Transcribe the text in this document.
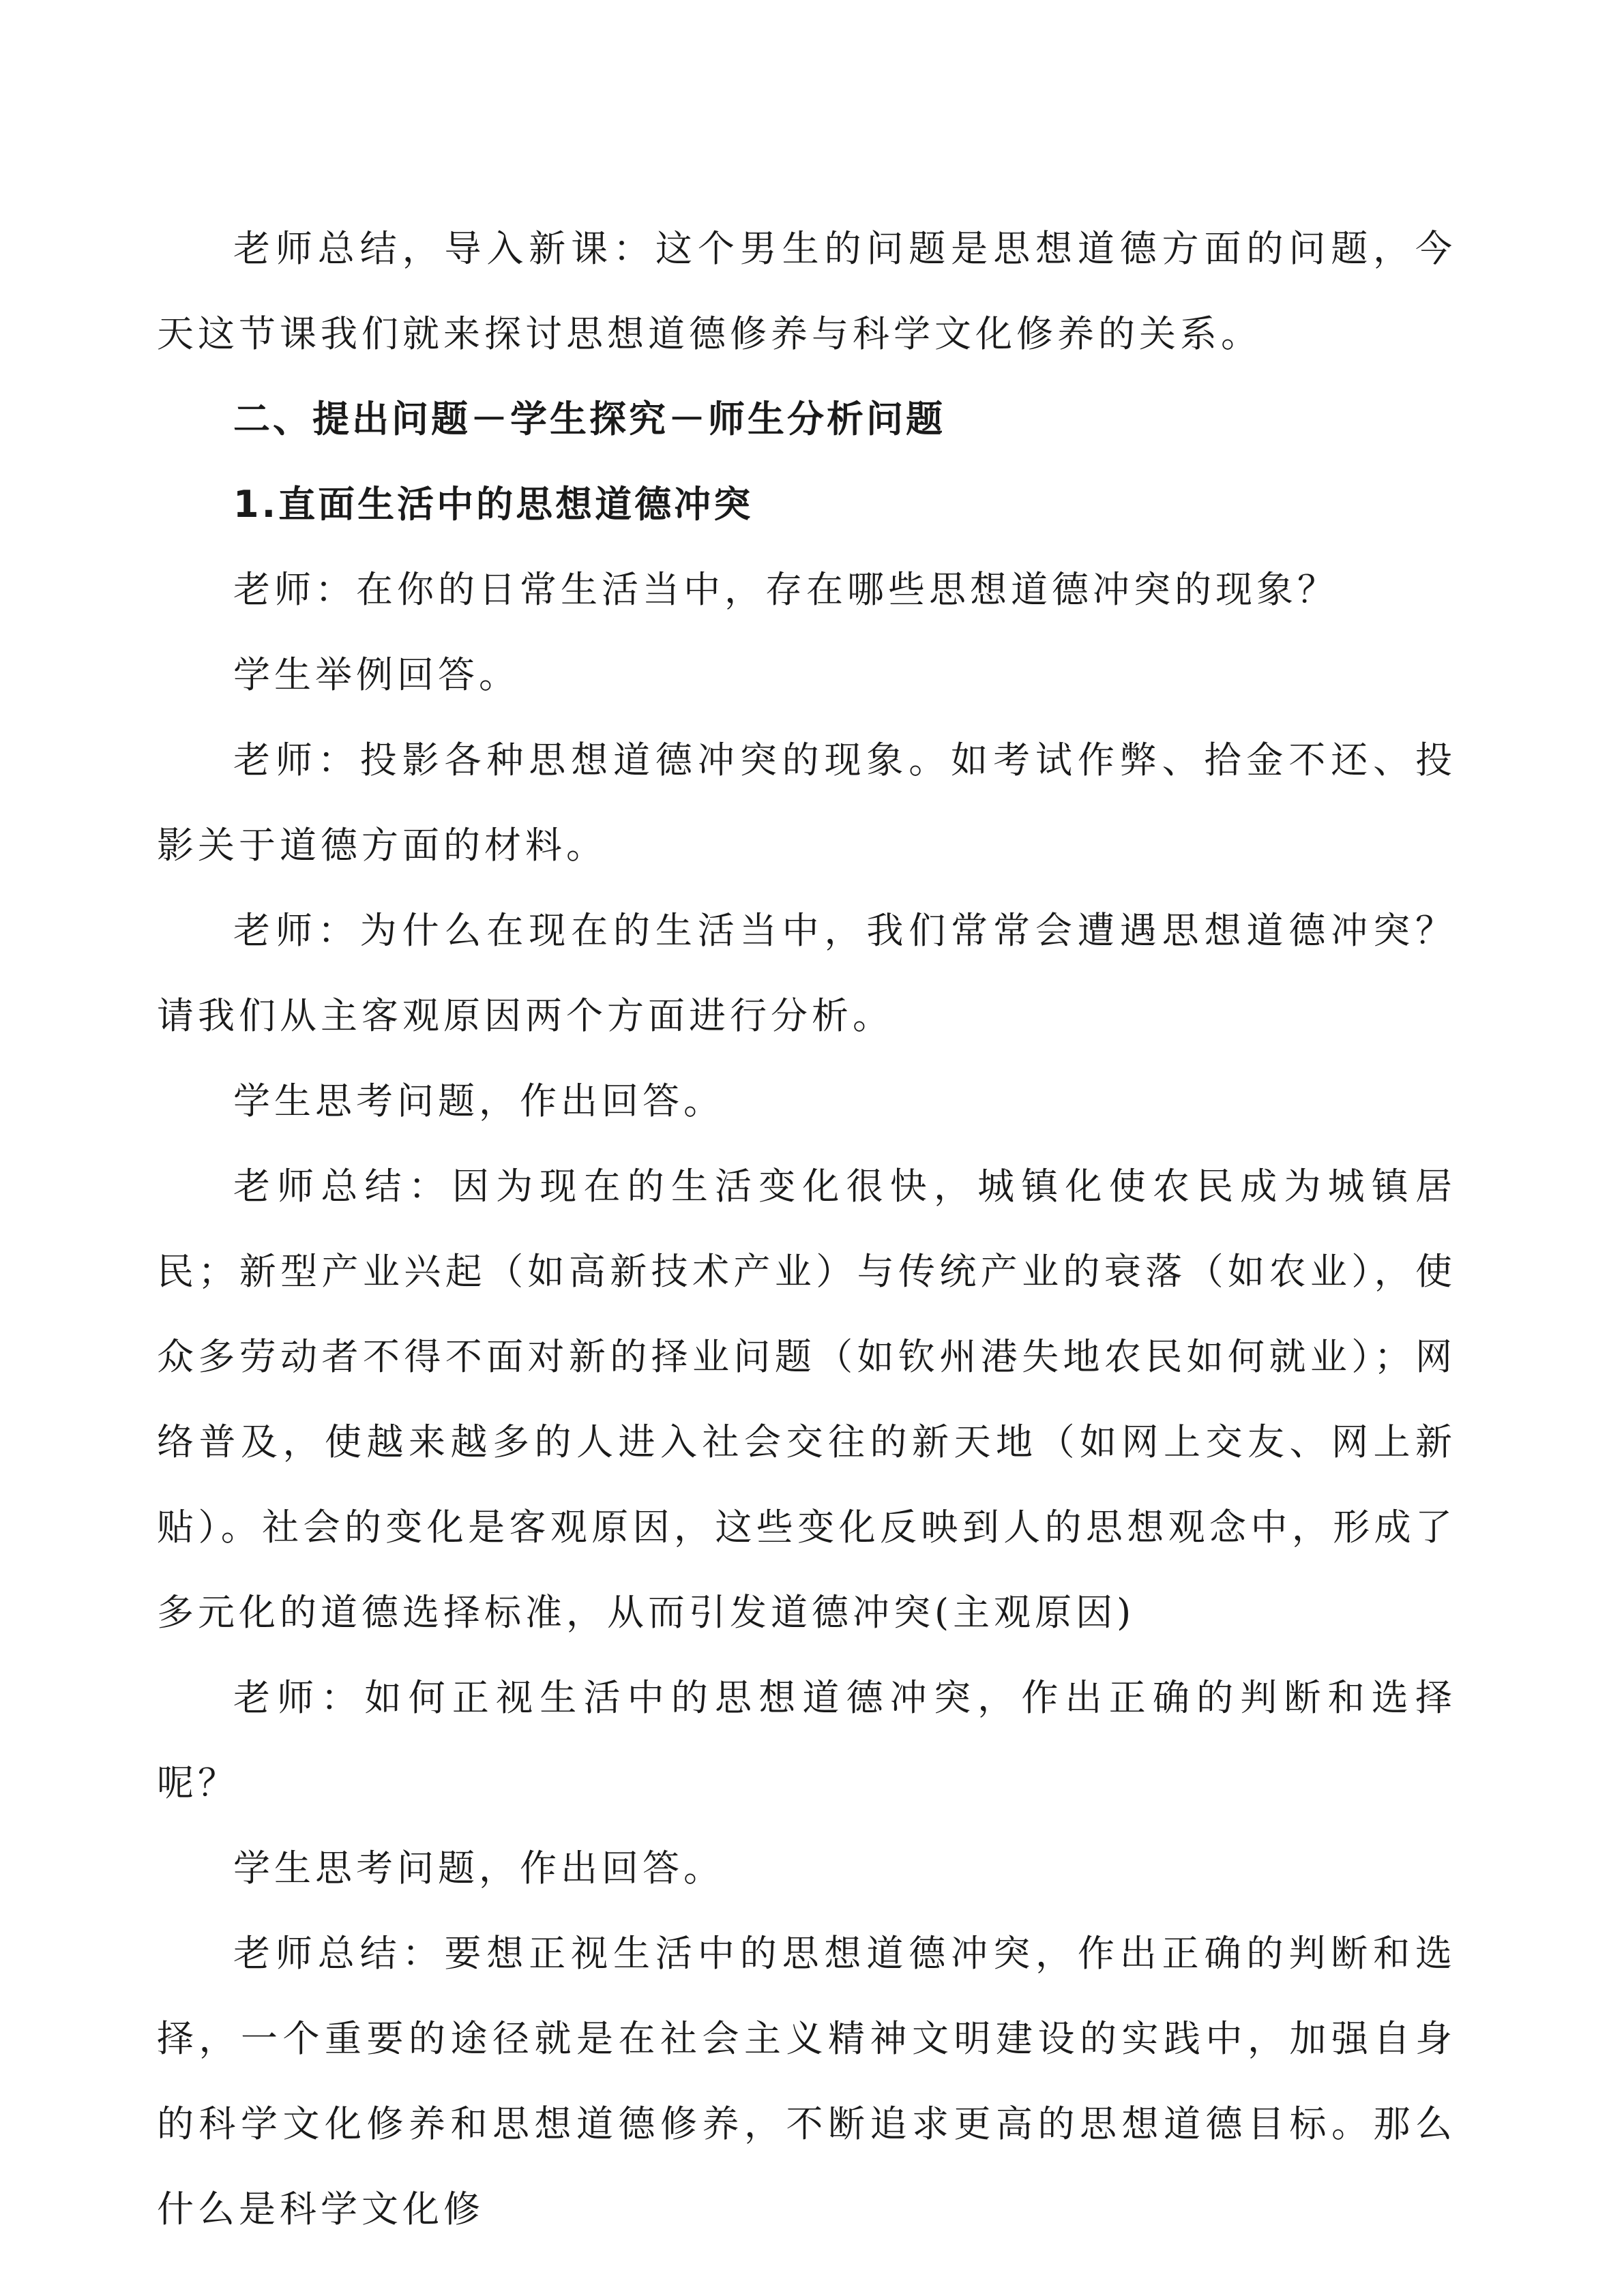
老师总结，导入新课：这个男生的问题是思想道德方面的问题，今天这节课我们就来探讨思想道德修养与科学文化修养的关系。

二、提出问题－学生探究－师生分析问题

1.直面生活中的思想道德冲突

老师：在你的日常生活当中，存在哪些思想道德冲突的现象？

学生举例回答。

老师：投影各种思想道德冲突的现象。如考试作弊、拾金不还、投影关于道德方面的材料。

老师：为什么在现在的生活当中，我们常常会遭遇思想道德冲突？请我们从主客观原因两个方面进行分析。

学生思考问题，作出回答。

老师总结：因为现在的生活变化很快，城镇化使农民成为城镇居民；新型产业兴起（如高新技术产业）与传统产业的衰落（如农业），使众多劳动者不得不面对新的择业问题（如钦州港失地农民如何就业）；网络普及，使越来越多的人进入社会交往的新天地（如网上交友、网上新贴）。社会的变化是客观原因，这些变化反映到人的思想观念中，形成了多元化的道德选择标准，从而引发道德冲突(主观原因)

老师：如何正视生活中的思想道德冲突，作出正确的判断和选择呢？

学生思考问题，作出回答。

老师总结：要想正视生活中的思想道德冲突，作出正确的判断和选择，一个重要的途径就是在社会主义精神文明建设的实践中，加强自身的科学文化修养和思想道德修养，不断追求更高的思想道德目标。那么什么是科学文化修
